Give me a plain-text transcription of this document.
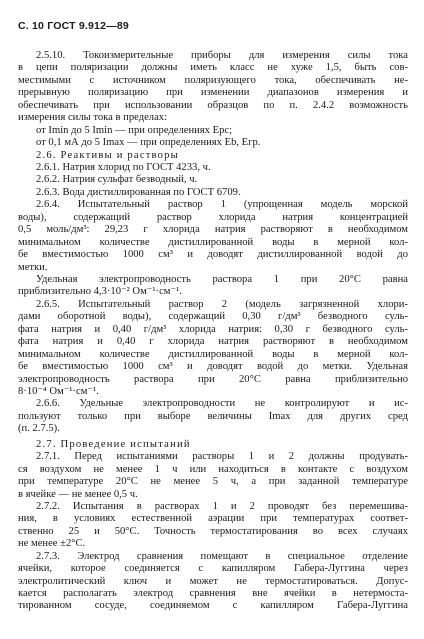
С. 10 ГОСТ 9.912—89
2.5.10. Токоизмерительные приборы для измерения силы тока
в цепи поляризации должны иметь класс не хуже 1,5, быть сов-
местимыми с источником поляризующего тока, обеспечивать не-
прерывную поляризацию при изменении диапазонов измерения и
обеспечивать при использовании образцов по п. 2.4.2 возможность
измерения силы тока в пределах:
от Imin до 5 Imin — при определениях Epc;
от 0,1 мА до 5 Imax — при определениях Eb, Егр.
2.6. Реактивы и растворы
2.6.1. Натрия хлорид по ГОСТ 4233, ч.
2.6.2. Натрия сульфат безводный, ч.
2.6.3. Вода дистиллированная по ГОСТ 6709.
2.6.4. Испытательный раствор 1 (упрощенная модель морской
воды), содержащий раствор хлорида натрия концентрацией
0,5 моль/дм³: 29,23 г хлорида натрия растворяют в необходимом
минимальном количестве дистиллированной воды в мерной кол-
бе вместимостью 1000 см³ и доводят дистиллированной водой до
метки.
Удельная электропроводность раствора 1 при 20°С равна
приблизительно 4,3·10⁻² Ом⁻¹·см⁻¹.
2.6.5. Испытательный раствор 2 (модель загрязненной хлори-
дами оборотной воды), содержащий 0,30 г/дм³ безводного суль-
фата натрия и 0,40 г/дм³ хлорида натрия: 0,30 г безводного суль-
фата натрия и 0,40 г хлорида натрия растворяют в необходимом
минимальном количестве дистиллированной воды в мерной кол-
бе вместимостью 1000 см³ и доводят водой до метки. Удельная
электропроводность раствора при 20°С равна приблизительно
8·10⁻⁴ Ом⁻¹·см⁻¹.
2.6.6. Удельные электропроводности не контролируют и ис-
пользуют только при выборе величины Imax для других сред
(п. 2.7.5).
2.7. Проведение испытаний
2.7.1. Перед испытаниями растворы 1 и 2 должны продувать-
ся воздухом не менее 1 ч или находиться в контакте с воздухом
при температуре 20°С не менее 5 ч, а при заданной температуре
в ячейке — не менее 0,5 ч.
2.7.2. Испытания в растворах 1 и 2 проводят без перемешива-
ния, в условиях естественной аэрации при температурах соответ-
ственно 25 и 50°С. Точность термостатирования во всех случаях
не менее ±2°С.
2.7.3. Электрод сравнения помещают в специальное отделение
ячейки, которое соединяется с капилляром Габера-Луггина через
электролитический ключ и может не термостатироваться. Допус-
кается располагать электрод сравнения вне ячейки в нетермоста-
тированном сосуде, соединяемом с капилляром Габера-Луггина
